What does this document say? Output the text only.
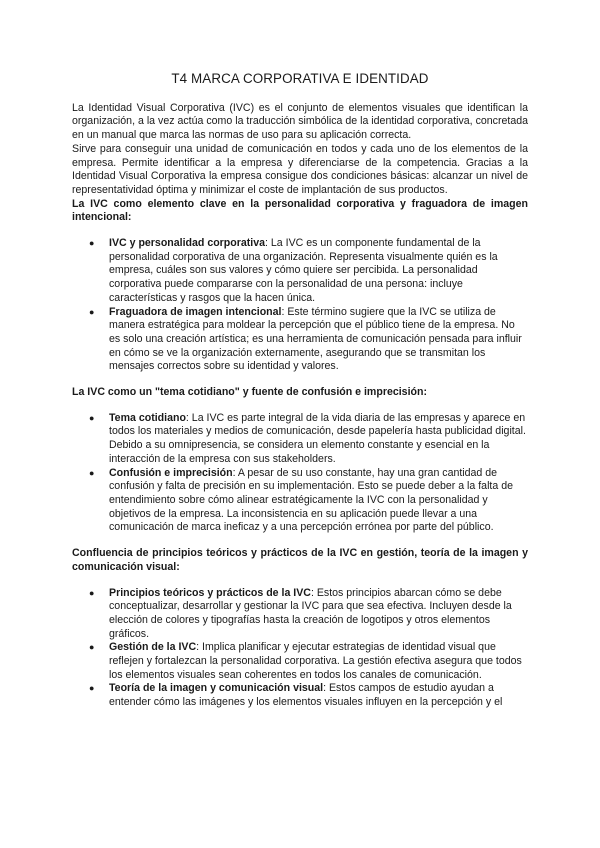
T4 MARCA CORPORATIVA E IDENTIDAD

La Identidad Visual Corporativa (IVC) es el conjunto de elementos visuales que identifican la organización, a la vez actúa como la traducción simbólica de la identidad corporativa, concretada en un manual que marca las normas de uso para su aplicación correcta.

Sirve para conseguir una unidad de comunicación en todos y cada uno de los elementos de la empresa. Permite identificar a la empresa y diferenciarse de la competencia. Gracias a la Identidad Visual Corporativa la empresa consigue dos condiciones básicas: alcanzar un nivel de representatividad óptima y minimizar el coste de implantación de sus productos.

La IVC como elemento clave en la personalidad corporativa y fraguadora de imagen intencional:

● IVC y personalidad corporativa: La IVC es un componente fundamental de la personalidad corporativa de una organización. Representa visualmente quién es la empresa, cuáles son sus valores y cómo quiere ser percibida. La personalidad corporativa puede compararse con la personalidad de una persona: incluye características y rasgos que la hacen única.
● Fraguadora de imagen intencional: Este término sugiere que la IVC se utiliza de manera estratégica para moldear la percepción que el público tiene de la empresa. No es solo una creación artística; es una herramienta de comunicación pensada para influir en cómo se ve la organización externamente, asegurando que se transmitan los mensajes correctos sobre su identidad y valores.

La IVC como un "tema cotidiano" y fuente de confusión e imprecisión:

● Tema cotidiano: La IVC es parte integral de la vida diaria de las empresas y aparece en todos los materiales y medios de comunicación, desde papelería hasta publicidad digital. Debido a su omnipresencia, se considera un elemento constante y esencial en la interacción de la empresa con sus stakeholders.
● Confusión e imprecisión: A pesar de su uso constante, hay una gran cantidad de confusión y falta de precisión en su implementación. Esto se puede deber a la falta de entendimiento sobre cómo alinear estratégicamente la IVC con la personalidad y objetivos de la empresa. La inconsistencia en su aplicación puede llevar a una comunicación de marca ineficaz y a una percepción errónea por parte del público.

Confluencia de principios teóricos y prácticos de la IVC en gestión, teoría de la imagen y comunicación visual:

● Principios teóricos y prácticos de la IVC: Estos principios abarcan cómo se debe conceptualizar, desarrollar y gestionar la IVC para que sea efectiva. Incluyen desde la elección de colores y tipografías hasta la creación de logotipos y otros elementos gráficos.
● Gestión de la IVC: Implica planificar y ejecutar estrategias de identidad visual que reflejen y fortalezcan la personalidad corporativa. La gestión efectiva asegura que todos los elementos visuales sean coherentes en todos los canales de comunicación.
● Teoría de la imagen y comunicación visual: Estos campos de estudio ayudan a entender cómo las imágenes y los elementos visuales influyen en la percepción y el
